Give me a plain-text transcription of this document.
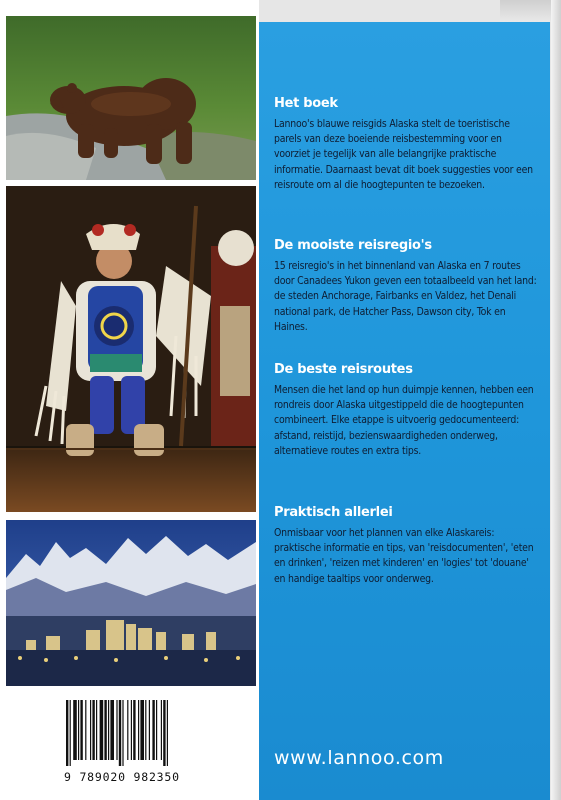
9 789020 982350
Het boek

Lannoo's blauwe reisgids Alaska stelt de toeristische parels van deze boeiende reisbestemming voor en voorziet je tegelijk van alle belangrijke praktische informatie. Daarnaast bevat dit boek suggesties voor een reisroute om al die hoogtepunten te bezoeken.

De mooiste reisregio's

15 reisregio's in het binnenland van Alaska en 7 routes door Canadees Yukon geven een totaalbeeld van het land: de steden Anchorage, Fairbanks en Valdez, het Denali national park, de Hatcher Pass, Dawson city, Tok en Haines.

De beste reisroutes

Mensen die het land op hun duimpje kennen, hebben een rondreis door Alaska uitgestippeld die de hoogtepunten combineert. Elke etappe is uitvoerig gedocumenteerd: afstand, reistijd, bezienswaardigheden onderweg, alternatieve routes en extra tips.

Praktisch allerlei

Onmisbaar voor het plannen van elke Alaskareis: praktische informatie en tips, van 'reisdocumenten', 'eten en drinken', 'reizen met kinderen' en 'logies' tot 'douane' en handige taaltips voor onderweg.

www.lannoo.com
